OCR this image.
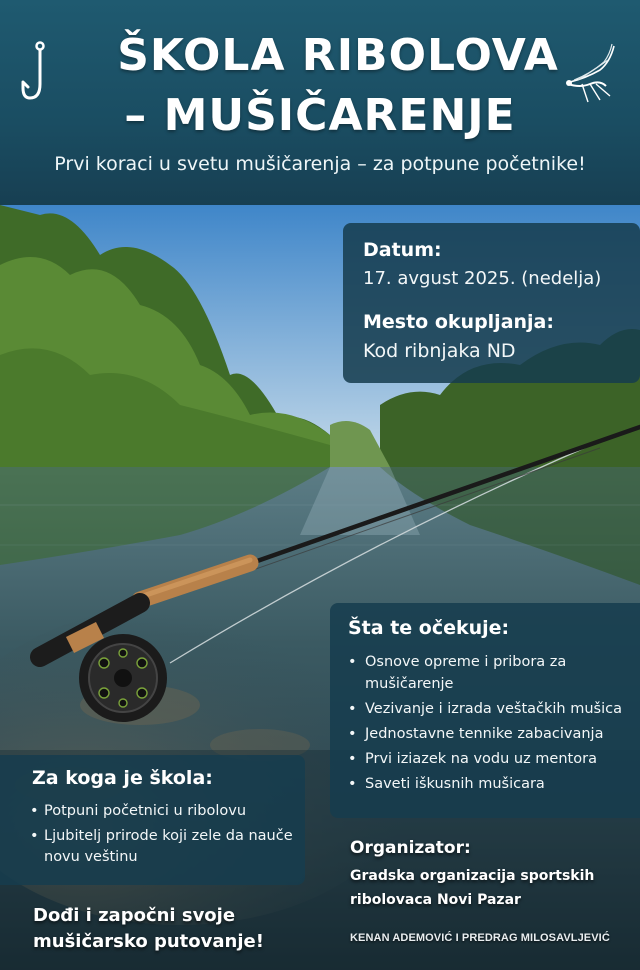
ŠKOLA RIBOLOVA
– MUŠIČARENJE
Prvi koraci u svetu mušičarenja – za potpune početnike!
Datum:
17. avgust 2025. (nedelja)
Mesto okupljanja:
Kod ribnjaka ND
Šta te očekuje:
• Osnove opreme i pribora za mušičarenje
• Vezivanje i izrada veštačkih mušica
• Jednostavne tennike zabacivanja
• Prvi iziazek na vodu uz mentora
• Saveti iškusnih mušicara
Za koga je škola:
• Potpuni početnici u ribolovu
• Ljubitelj prirode koji zele da nauče novu veštinu	Organizator:
Gradska organizacija sportskih ribolovaca Novi Pazar
Dođi i započni svoje mušičarsko putovanje!	KENAN ADEMOVIĆ I PREDRAG MILOSAVLJEVIĆ
